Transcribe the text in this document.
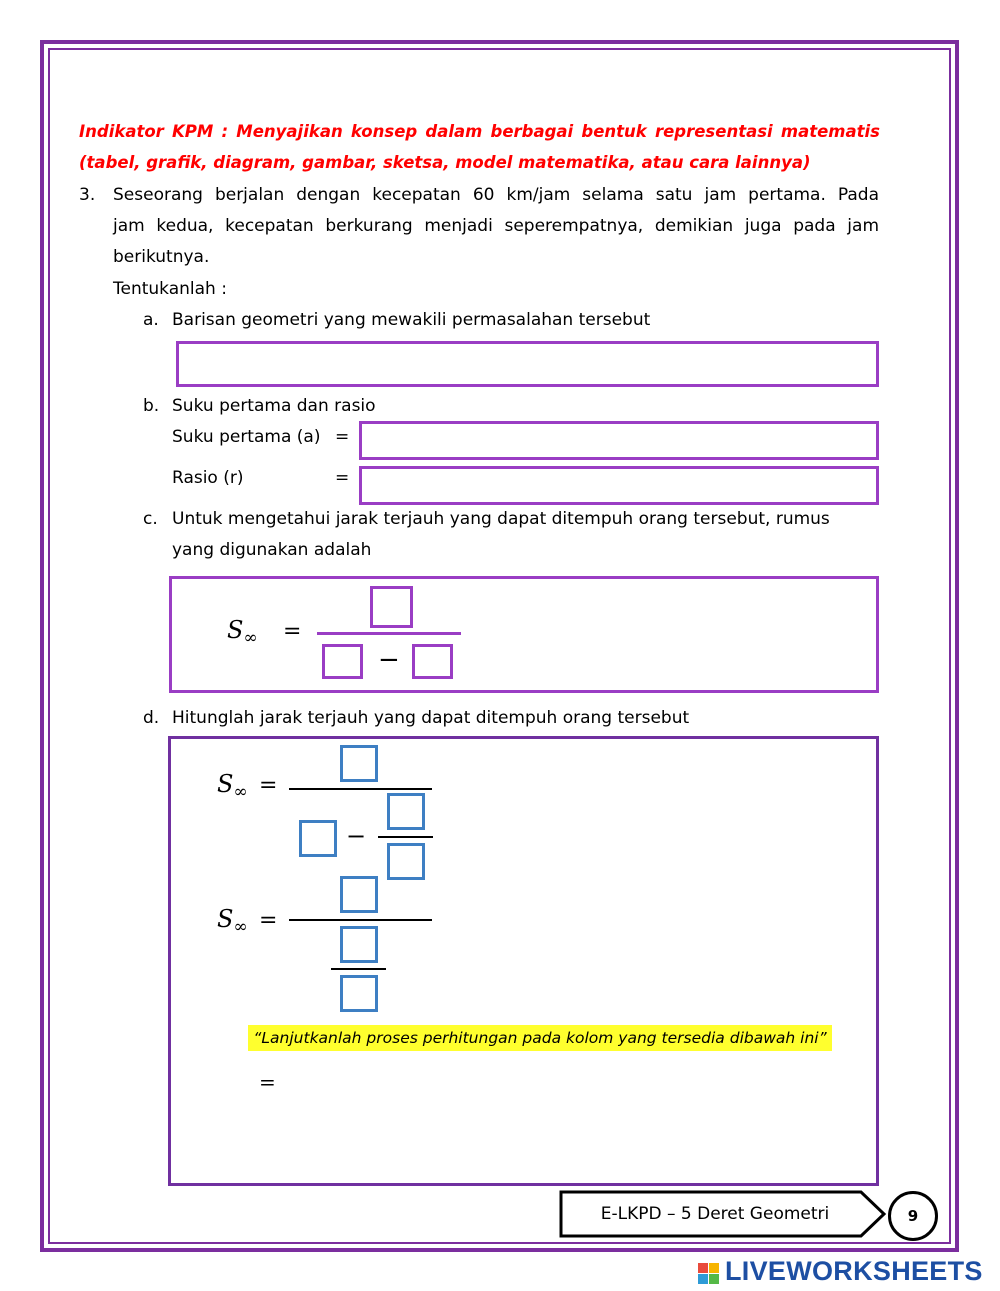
Indikator KPM : Menyajikan konsep dalam berbagai bentuk representasi matematis
(tabel, grafik, diagram, gambar, sketsa, model matematika, atau cara lainnya)
3. Seseorang berjalan dengan kecepatan 60 km/jam selama satu jam pertama. Pada
jam kedua, kecepatan berkurang menjadi seperempatnya, demikian juga pada jam
berikutnya.
Tentukanlah :
a. Barisan geometri yang mewakili permasalahan tersebut
b. Suku pertama dan rasio
Suku pertama (a) =
Rasio (r)	=
c. Untuk mengetahui jarak terjauh yang dapat ditempuh orang tersebut, rumus
yang digunakan adalah
$S_\infty$ =
−
d. Hitunglah jarak terjauh yang dapat ditempuh orang tersebut
$S_\infty$ =
−
$S_\infty$ =
“Lanjutkanlah proses perhitungan pada kolom yang tersedia dibawah ini”
=
E-LKPD – 5 Deret Geometri	9
LIVEWORKSHEETS
